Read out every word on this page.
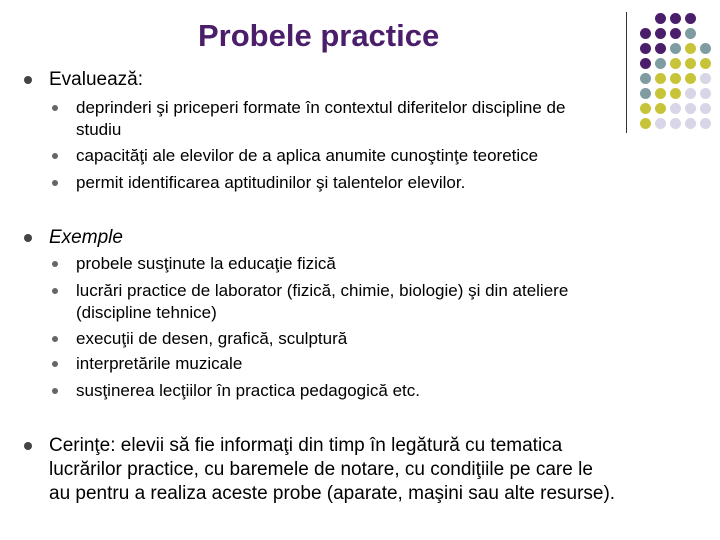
Probele practice
Evaluează:
deprinderi şi priceperi formate în contextul diferitelor discipline de
studiu
capacităţi ale elevilor de a aplica anumite cunoştinţe teoretice
permit identificarea aptitudinilor şi talentelor elevilor.
Exemple
probele susţinute la educaţie fizică
lucrări practice de laborator (fizică, chimie, biologie) şi din ateliere
(discipline tehnice)
execuţii de desen, grafică, sculptură
interpretările muzicale
susţinerea lecţiilor în practica pedagogică etc.
Cerinţe: elevii să fie informaţi din timp în legătură cu tematica
lucrărilor practice, cu baremele de notare, cu condiţiile pe care le
au pentru a realiza aceste probe (aparate, maşini sau alte resurse).
